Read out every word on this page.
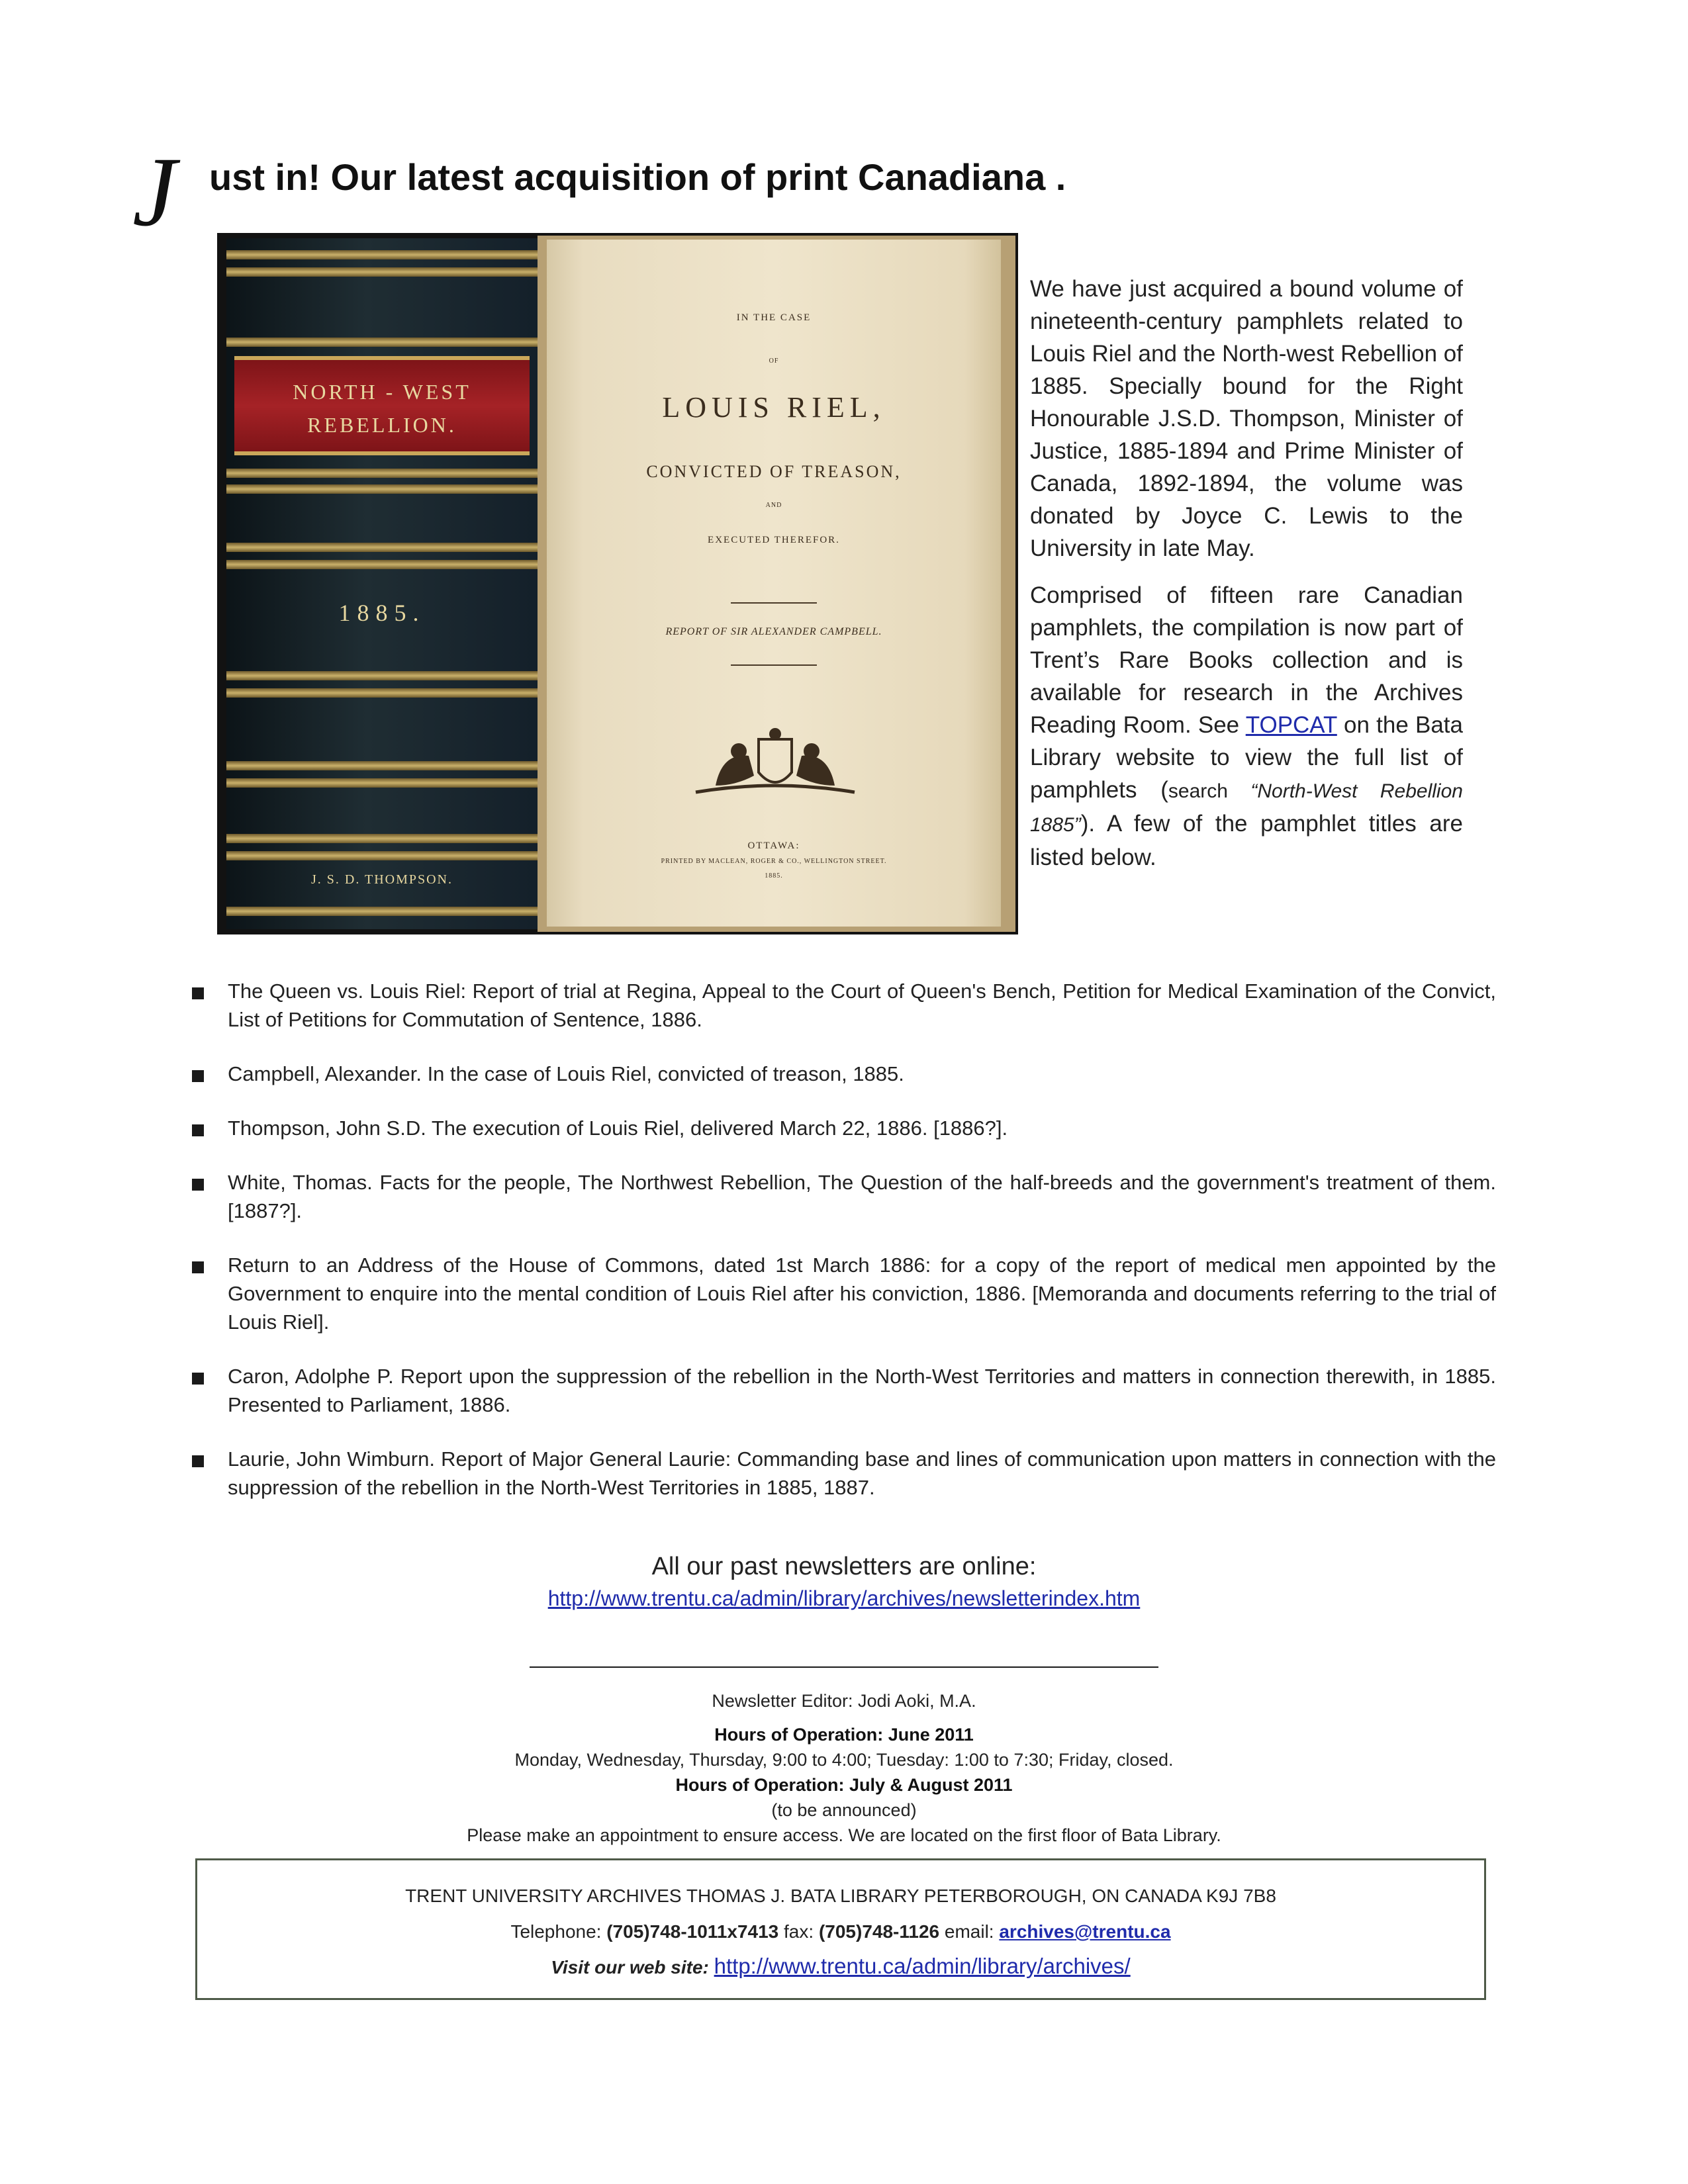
J ust in! Our latest acquisition of print Canadiana .
NORTH - WEST
REBELLION.
1885.
J. S. D. THOMPSON.
IN THE CASE
OF
LOUIS RIEL,
CONVICTED OF TREASON,
AND
EXECUTED THEREFOR.
REPORT OF SIR ALEXANDER CAMPBELL.
OTTAWA:
PRINTED BY MACLEAN, ROGER & CO., WELLINGTON STREET.
1885.

We have just acquired a bound volume of nineteenth-century pamphlets related to Louis Riel and the North-west Rebellion of 1885. Specially bound for the Right Honourable J.S.D. Thompson, Minister of Justice, 1885-1894 and Prime Minister of Canada, 1892-1894, the volume was donated by Joyce C. Lewis to the University in late May.

Comprised of fifteen rare Canadian pamphlets, the compilation is now part of Trent’s Rare Books collection and is available for research in the Archives Reading Room. See TOPCAT on the Bata Library website to view the full list of pamphlets (search “North-West Rebellion 1885”). A few of the pamphlet titles are listed below.

The Queen vs. Louis Riel: Report of trial at Regina, Appeal to the Court of Queen's Bench, Petition for Medical Examination of the Convict, List of Petitions for Commutation of Sentence, 1886.
Campbell, Alexander. In the case of Louis Riel, convicted of treason, 1885.
Thompson, John S.D. The execution of Louis Riel, delivered March 22, 1886. [1886?].
White, Thomas. Facts for the people, The Northwest Rebellion, The Question of the half-breeds and the government's treatment of them. [1887?].
Return to an Address of the House of Commons, dated 1st March 1886: for a copy of the report of medical men appointed by the Government to enquire into the mental condition of Louis Riel after his conviction, 1886. [Memoranda and documents referring to the trial of Louis Riel].
Caron, Adolphe P. Report upon the suppression of the rebellion in the North-West Territories and matters in connection therewith, in 1885. Presented to Parliament, 1886.
Laurie, John Wimburn. Report of Major General Laurie: Commanding base and lines of communication upon matters in connection with the suppression of the rebellion in the North-West Territories in 1885, 1887.
All our past newsletters are online:
http://www.trentu.ca/admin/library/archives/newsletterindex.htm
Newsletter Editor: Jodi Aoki, M.A.
Hours of Operation: June 2011
Monday, Wednesday, Thursday, 9:00 to 4:00; Tuesday: 1:00 to 7:30; Friday, closed.
Hours of Operation: July & August 2011
(to be announced)
Please make an appointment to ensure access. We are located on the first floor of Bata Library.
TRENT UNIVERSITY ARCHIVES THOMAS J. BATA LIBRARY PETERBOROUGH, ON CANADA K9J 7B8
Telephone: (705)748-1011x7413 fax: (705)748-1126 email: archives@trentu.ca
Visit our web site: http://www.trentu.ca/admin/library/archives/
